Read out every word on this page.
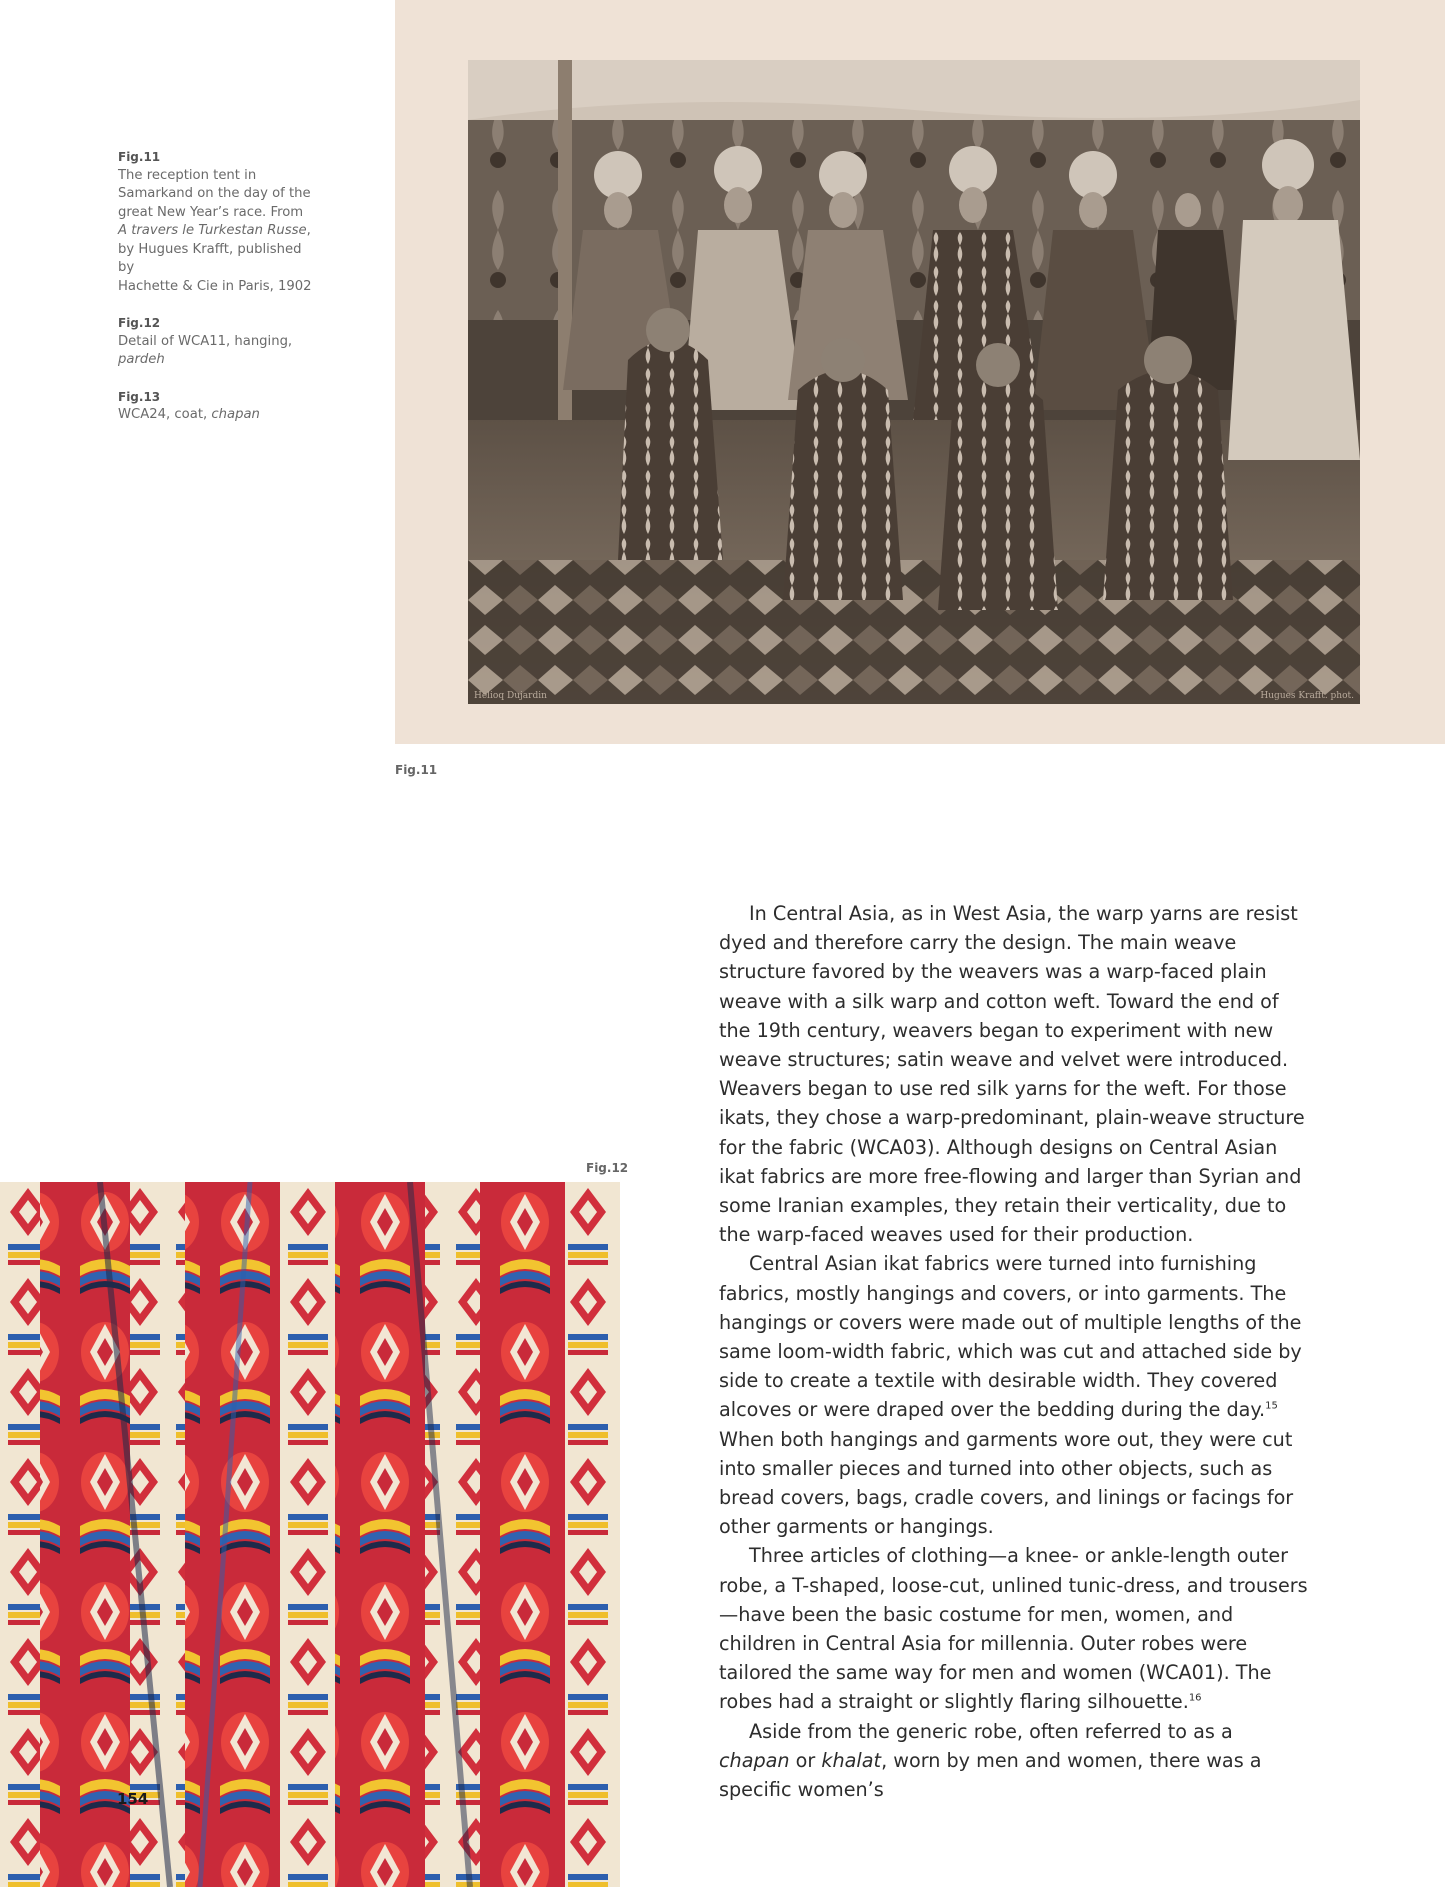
Fig.11
The reception tent in
Samarkand on the day of the
great New Year’s race. From
A travers le Turkestan Russe,
by Hugues Krafft, published by
Hachette & Cie in Paris, 1902
Fig.12
Detail of WCA11, hanging,
pardeh
Fig.13
WCA24, coat, chapan
Helioq Dujardin	Hugues Krafft. phot.
Fig.11
Fig.12
154

In Central Asia, as in West Asia, the warp yarns are resist dyed and therefore carry the design. The main weave structure favored by the weavers was a warp-faced plain weave with a silk warp and cotton weft. Toward the end of the 19th century, weavers began to experiment with new weave structures; satin weave and velvet were introduced. Weavers began to use red silk yarns for the weft. For those ikats, they chose a warp-predominant, plain-weave structure for the fabric (WCA03). Although designs on Central Asian ikat fabrics are more free-flowing and larger than Syrian and some Iranian examples, they retain their verticality, due to the warp-faced weaves used for their production.

Central Asian ikat fabrics were turned into furnishing fabrics, mostly hangings and covers, or into garments. The hangings or covers were made out of multiple lengths of the same loom-width fabric, which was cut and attached side by side to create a textile with desirable width. They covered alcoves or were draped over the bedding during the day.$^{15}$ When both hangings and garments wore out, they were cut into smaller pieces and turned into other objects, such as bread covers, bags, cradle covers, and linings or facings for other garments or hangings.

Three articles of clothing—a knee- or ankle-length outer robe, a T-shaped, loose-cut, unlined tunic-dress, and trousers—have been the basic costume for men, women, and children in Central Asia for millennia. Outer robes were tailored the same way for men and women (WCA01). The robes had a straight or slightly flaring silhouette.$^{16}$

Aside from the generic robe, often referred to as a chapan or khalat, worn by men and women, there was a specific women’s
